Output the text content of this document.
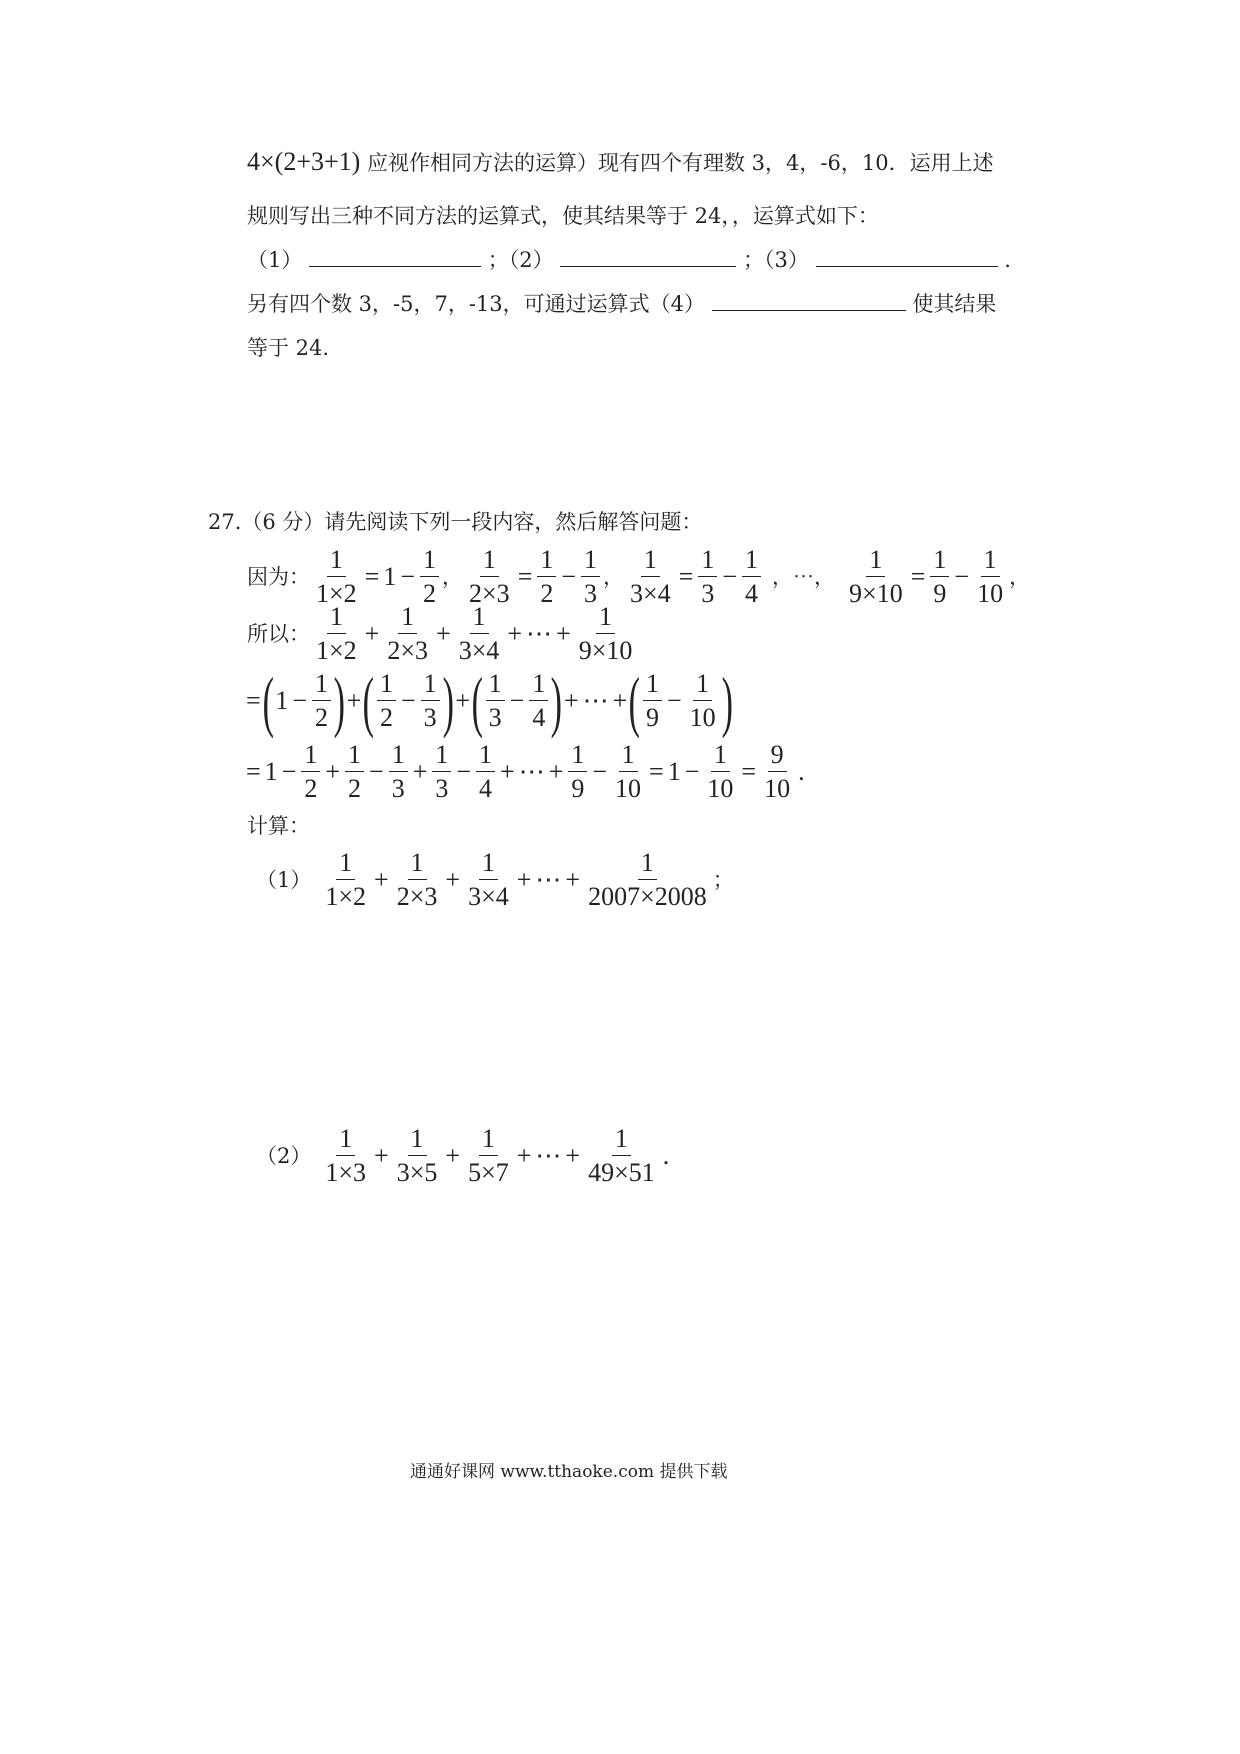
4×(2+3+1) 应视作相同方法的运算）现有四个有理数 3，4，-6，10．运用上述
规则写出三种不同方法的运算式，使其结果等于 24，，运算式如下：
（1）	；（2）	；（3）	.
另有四个数 3，-5，7，-13，可通过运算式（4）	使其结果
等于 24.
27.（6 分）请先阅读下列一段内容，然后解答问题：
因为： $\frac{1}{1\times 2} = 1 - \frac{1}{2}$ ， $\frac{1}{2\times 3} = \frac{1}{2} - \frac{1}{3}$ ， $\frac{1}{3\times 4} = \frac{1}{3} - \frac{1}{4}$ ，⋯， $\frac{1}{9\times 10} = \frac{1}{9} - \frac{1}{10}$ ，
所以： $\frac{1}{1\times 2} + \frac{1}{2\times 3} + \frac{1}{3\times 4}$ + ⋯ + $\frac{1}{9\times 10}$
= ( $1 - \frac{1}{2}$ ) + ( $\frac{1}{2} - \frac{1}{3}$ ) + ( $\frac{1}{3} - \frac{1}{4}$ ) + ⋯ + ( $\frac{1}{9} - \frac{1}{10}$ )
= $1 - \frac{1}{2} + \frac{1}{2} - \frac{1}{3} + \frac{1}{3} - \frac{1}{4}$ + ⋯ + $\frac{1}{9} - \frac{1}{10} = 1 - \frac{1}{10} = \frac{9}{10}$ .
计算：
$(1) \frac{1}{1\times 2} + \frac{1}{2\times 3} + \frac{1}{3\times 4}$ + ⋯ + $\frac{1}{2007\times 2008}$ ；
$(2) \frac{1}{1\times 3} + \frac{1}{3\times 5} + \frac{1}{5\times 7}$ + ⋯ + $\frac{1}{49\times 51}$ .
通通好课网 www.tthaoke.com 提供下载
